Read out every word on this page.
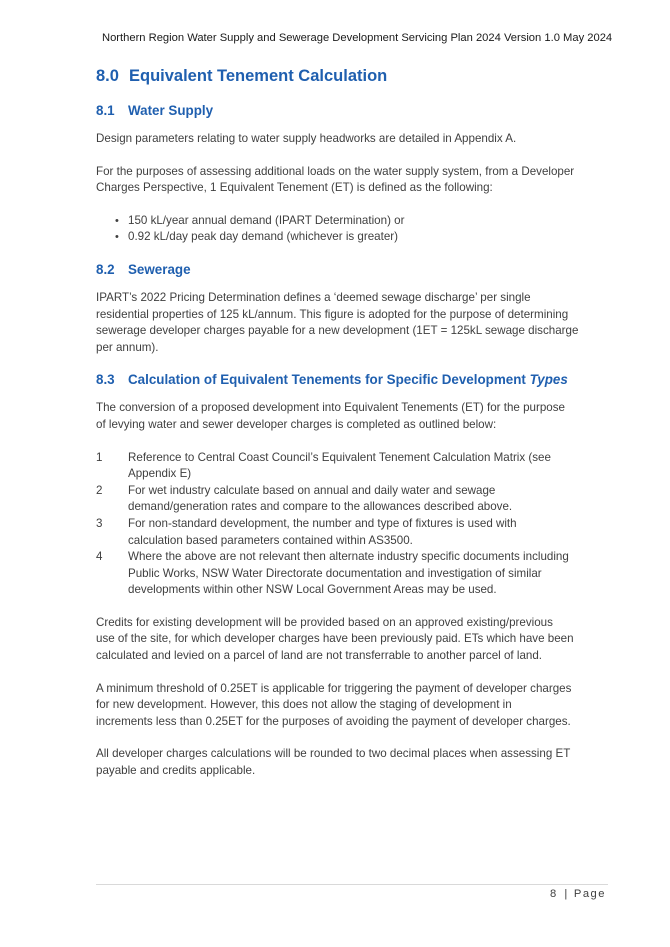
Northern Region Water Supply and Sewerage Development Servicing Plan 2024 Version 1.0 May 2024
8.0 Equivalent Tenement Calculation
8.1 Water Supply

Design parameters relating to water supply headworks are detailed in Appendix A.

For the purposes of assessing additional loads on the water supply system, from a Developer
Charges Perspective, 1 Equivalent Tenement (ET) is defined as the following:

• 150 kL/year annual demand (IPART Determination) or
• 0.92 kL/day peak day demand (whichever is greater)
8.2 Sewerage

IPART’s 2022 Pricing Determination defines a ‘deemed sewage discharge’ per single
residential properties of 125 kL/annum. This figure is adopted for the purpose of determining
sewerage developer charges payable for a new development (1ET = 125kL sewage discharge
per annum).

8.3 Calculation of Equivalent Tenements for Specific Development Types

The conversion of a proposed development into Equivalent Tenements (ET) for the purpose
of levying water and sewer developer charges is completed as outlined below:

1 Reference to Central Coast Council’s Equivalent Tenement Calculation Matrix (see
Appendix E)
2 For wet industry calculate based on annual and daily water and sewage
demand/generation rates and compare to the allowances described above.
3 For non-standard development, the number and type of fixtures is used with
calculation based parameters contained within AS3500.
4 Where the above are not relevant then alternate industry specific documents including
Public Works, NSW Water Directorate documentation and investigation of similar
developments within other NSW Local Government Areas may be used.

Credits for existing development will be provided based on an approved existing/previous
use of the site, for which developer charges have been previously paid. ETs which have been
calculated and levied on a parcel of land are not transferrable to another parcel of land.

A minimum threshold of 0.25ET is applicable for triggering the payment of developer charges
for new development. However, this does not allow the staging of development in
increments less than 0.25ET for the purposes of avoiding the payment of developer charges.

All developer charges calculations will be rounded to two decimal places when assessing ET
payable and credits applicable.

8 | Page
